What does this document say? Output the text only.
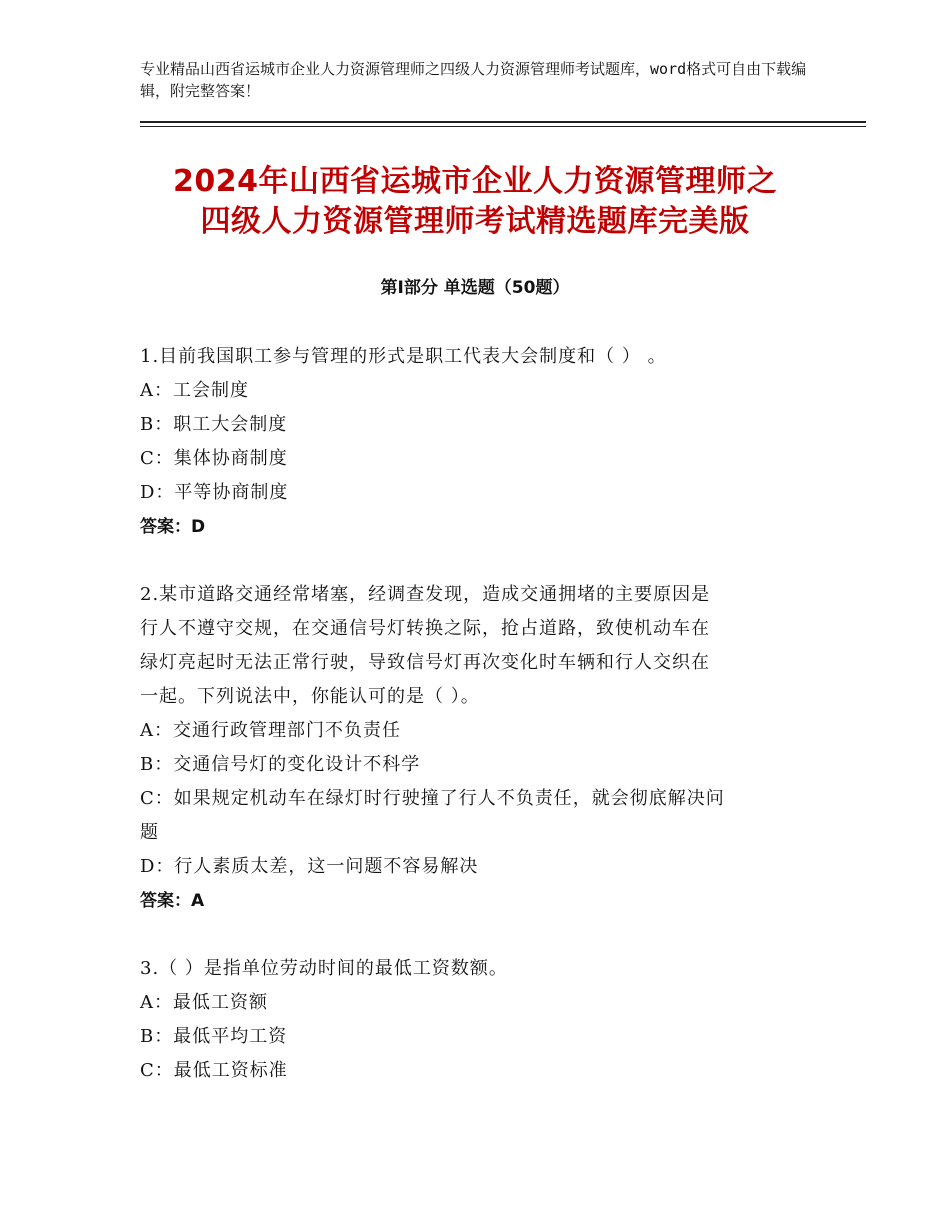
专业精品山西省运城市企业人力资源管理师之四级人力资源管理师考试题库，word格式可自由下载编辑，附完整答案！
2024年山西省运城市企业人力资源管理师之
四级人力资源管理师考试精选题库完美版
第Ⅰ部分 单选题（50题）
1.目前我国职工参与管理的形式是职工代表大会制度和（ ） 。
A：工会制度
B：职工大会制度
C：集体协商制度
D：平等协商制度
答案：D
2.某市道路交通经常堵塞，经调查发现，造成交通拥堵的主要原因是
行人不遵守交规，在交通信号灯转换之际，抢占道路，致使机动车在
绿灯亮起时无法正常行驶，导致信号灯再次变化时车辆和行人交织在
一起。下列说法中，你能认可的是（ ）。
A：交通行政管理部门不负责任
B：交通信号灯的变化设计不科学
C：如果规定机动车在绿灯时行驶撞了行人不负责任，就会彻底解决问
题
D：行人素质太差，这一问题不容易解决
答案：A
3.（ ）是指单位劳动时间的最低工资数额。
A：最低工资额
B：最低平均工资
C：最低工资标准
